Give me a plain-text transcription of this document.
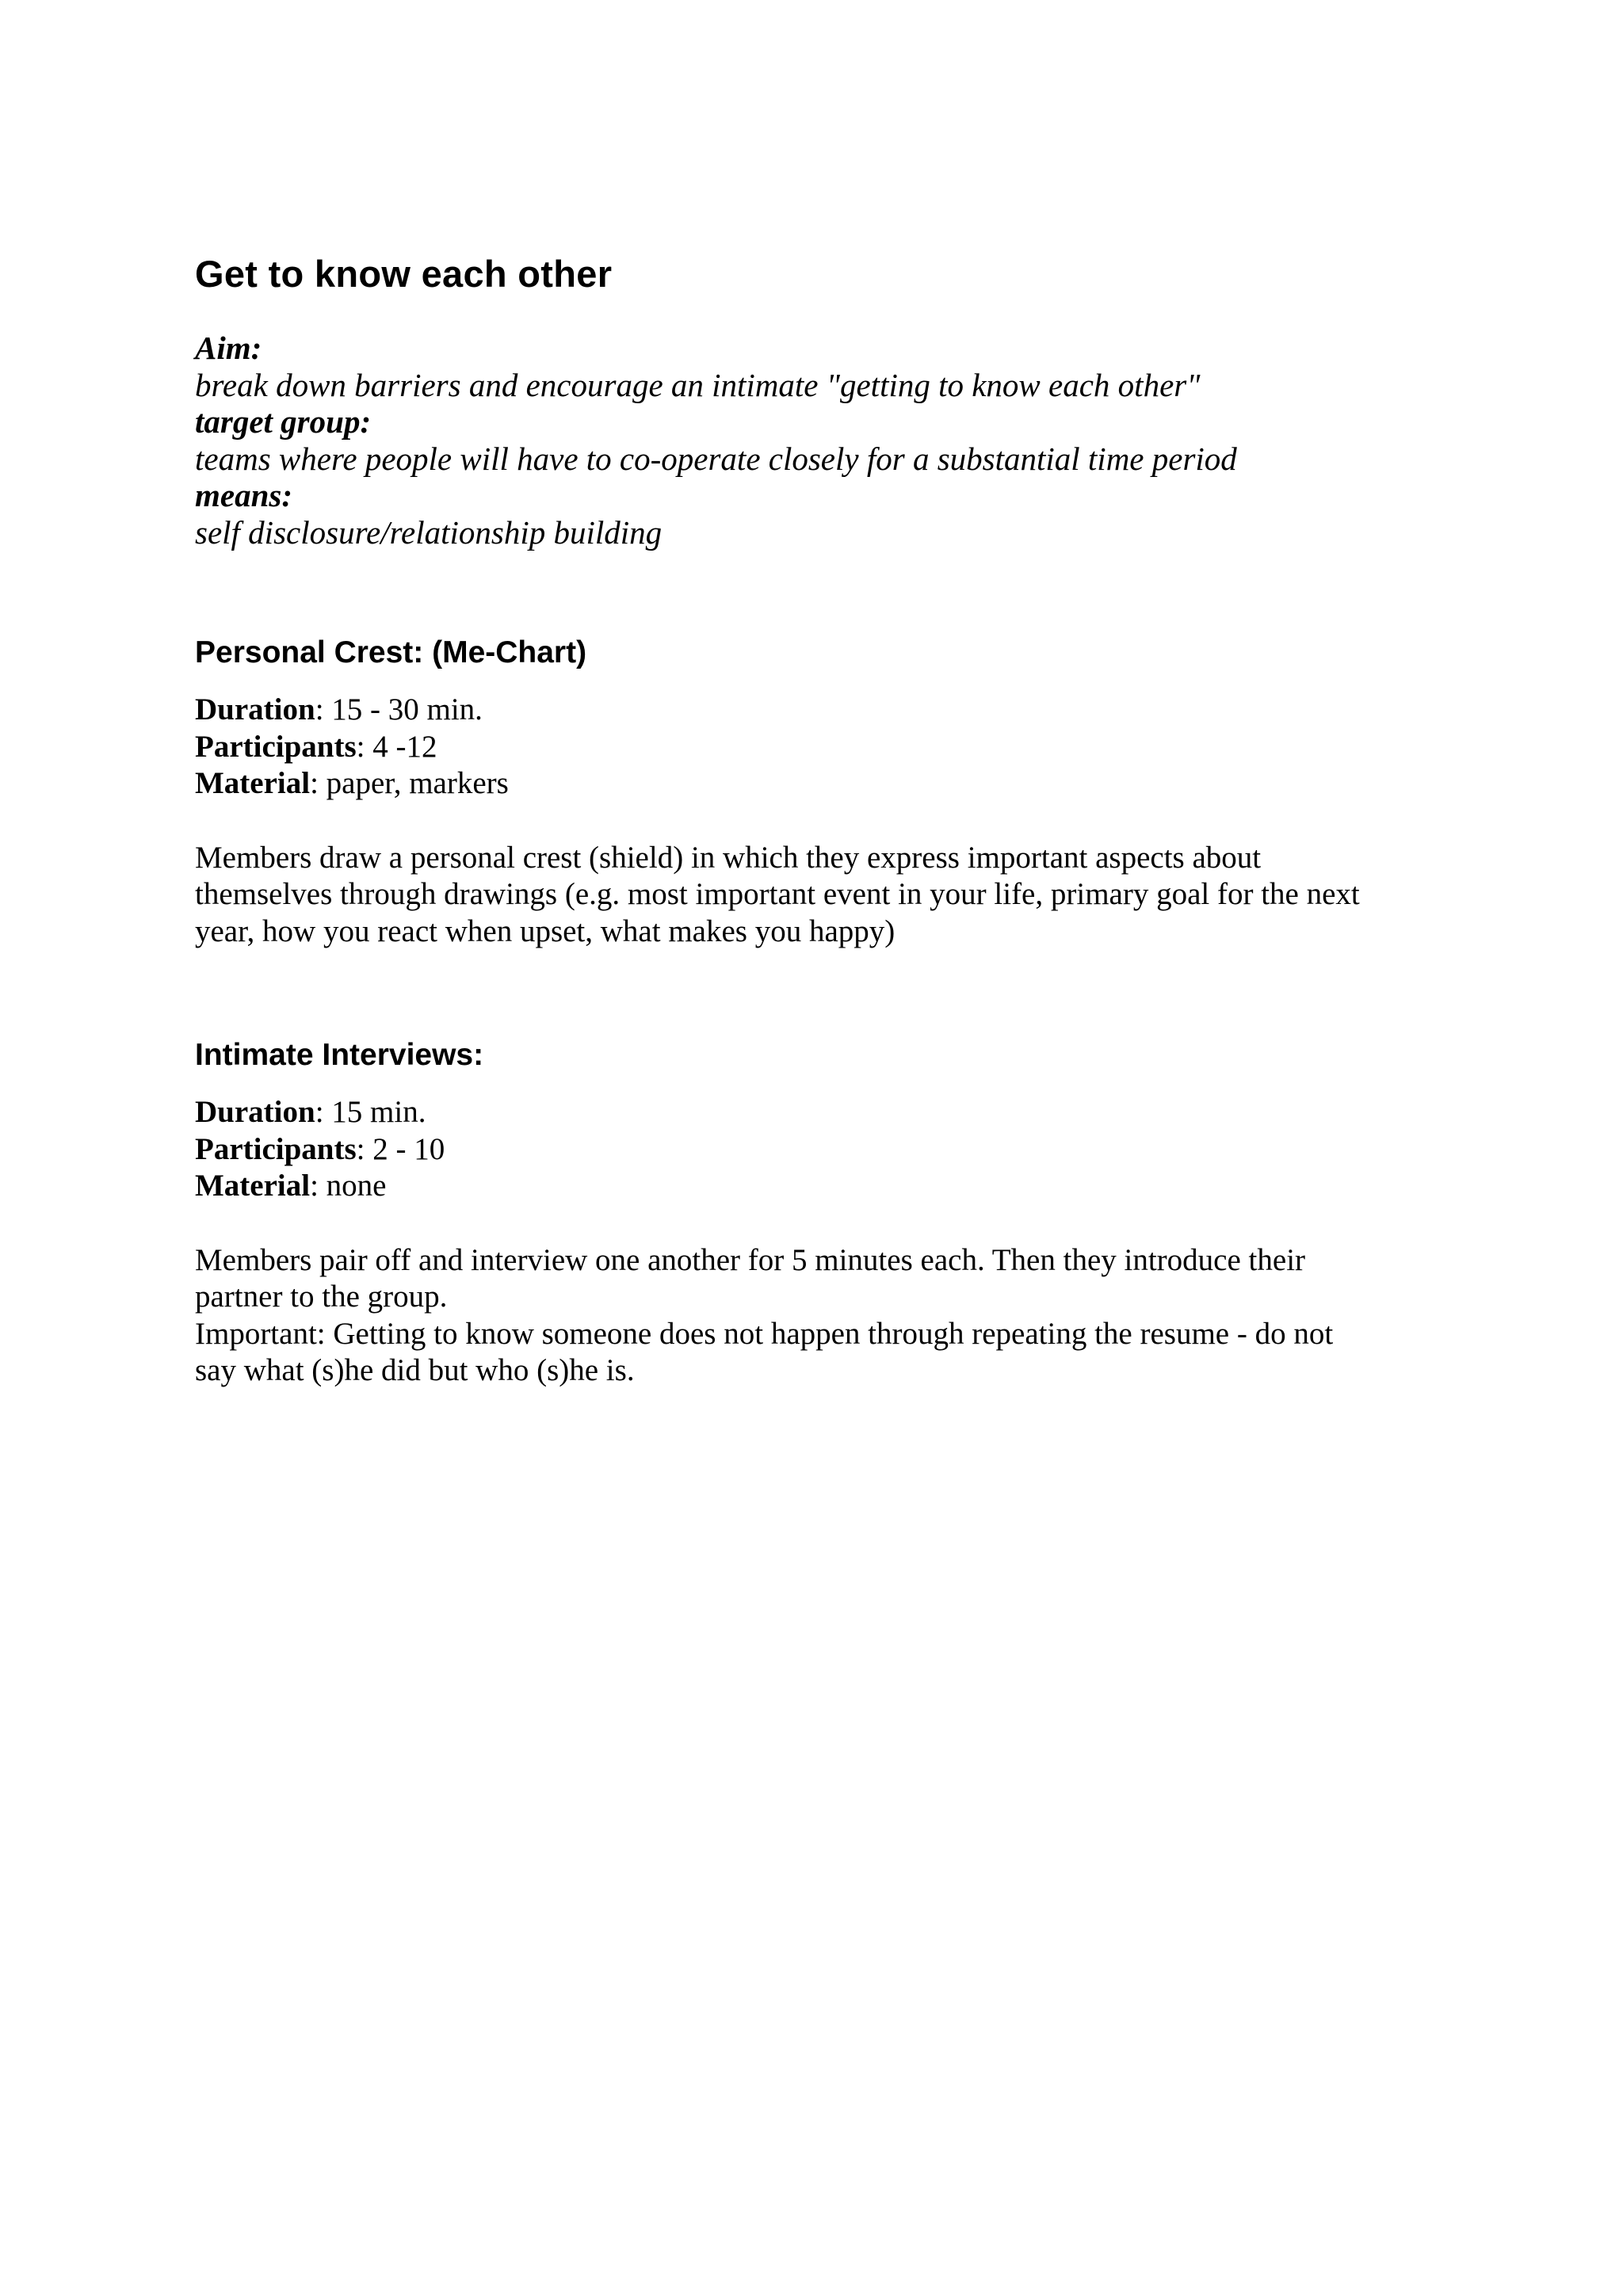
Get to know each other
Aim:
break down barriers and encourage an intimate "getting to know each other"
target group:
teams where people will have to co-operate closely for a substantial time period
means:
self disclosure/relationship building
Personal Crest: (Me-Chart)
Duration: 15 - 30 min.
Participants: 4 -12
Material: paper, markers
Members draw a personal crest (shield) in which they express important aspects about
themselves through drawings (e.g. most important event in your life, primary goal for the next
year, how you react when upset, what makes you happy)
Intimate Interviews:
Duration: 15 min.
Participants: 2 - 10
Material: none
Members pair off and interview one another for 5 minutes each. Then they introduce their
partner to the group.
Important: Getting to know someone does not happen through repeating the resume - do not
say what (s)he did but who (s)he is.
